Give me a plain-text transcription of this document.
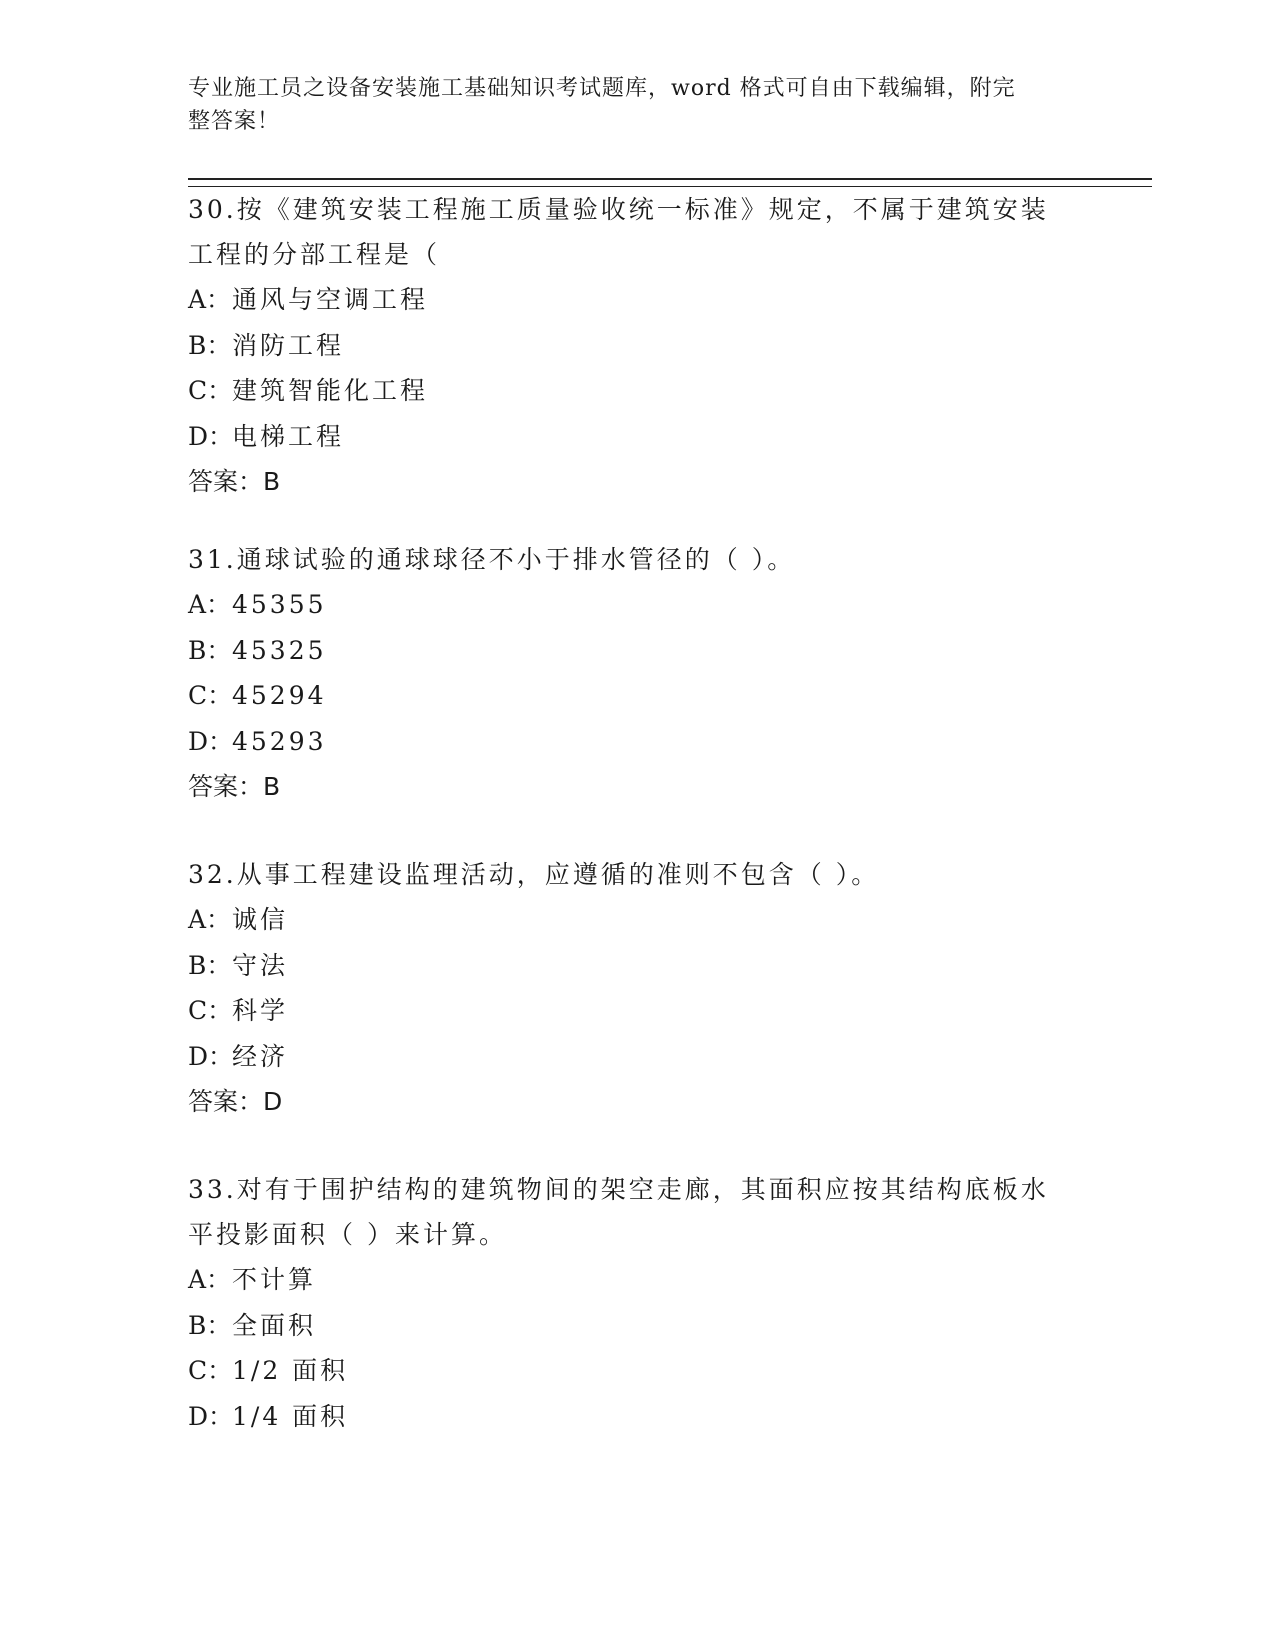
专业施工员之设备安装施工基础知识考试题库，word 格式可自由下载编辑，附完
整答案！
30.按《建筑安装工程施工质量验收统一标准》规定，不属于建筑安装
工程的分部工程是（
A：通风与空调工程
B：消防工程
C：建筑智能化工程
D：电梯工程
答案：B
31.通球试验的通球球径不小于排水管径的（ ）。
A：45355
B：45325
C：45294
D：45293
答案：B
32.从事工程建设监理活动，应遵循的准则不包含（ ）。
A：诚信
B：守法
C：科学
D：经济
答案：D
33.对有于围护结构的建筑物间的架空走廊，其面积应按其结构底板水
平投影面积（ ）来计算。
A：不计算
B：全面积
C：1/2 面积
D：1/4 面积
